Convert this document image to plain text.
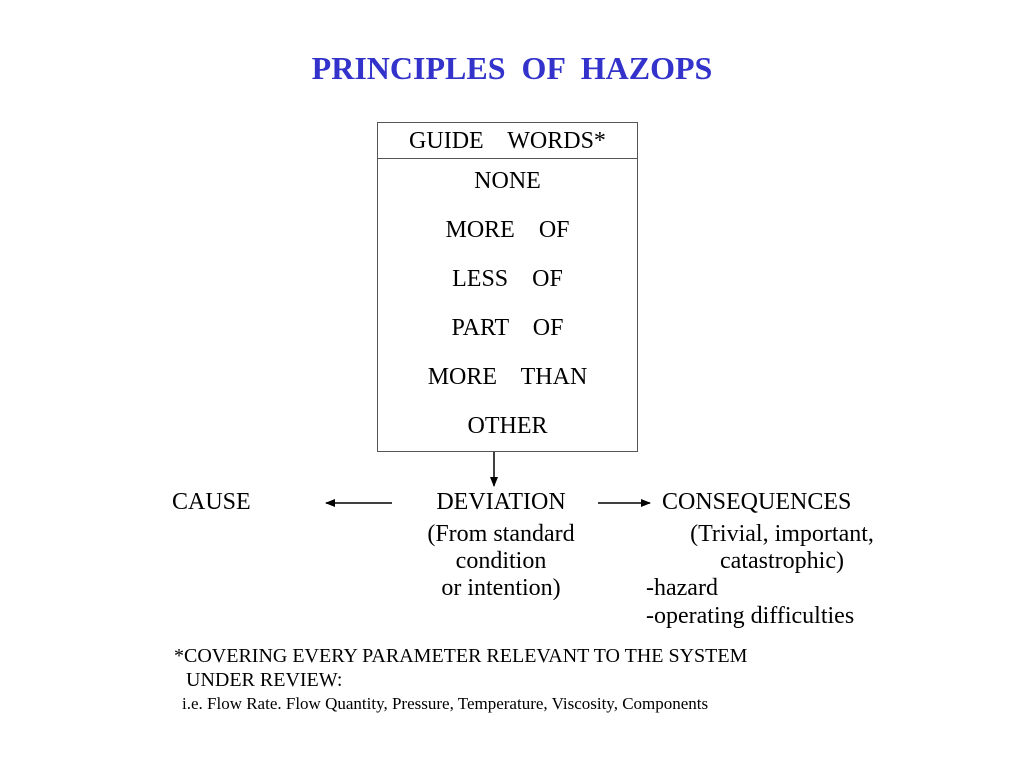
PRINCIPLES  OF  HAZOPS
GUIDE    WORDS*
NONE
MORE    OF
LESS    OF
PART    OF
MORE    THAN
OTHER
CAUSE	DEVIATION	CONSEQUENCES
(From standard
condition
or intention)
(Trivial, important,
catastrophic)
-hazard
-operating difficulties
*COVERING EVERY PARAMETER RELEVANT TO THE SYSTEM
UNDER REVIEW:
i.e. Flow Rate. Flow Quantity, Pressure, Temperature, Viscosity, Components
